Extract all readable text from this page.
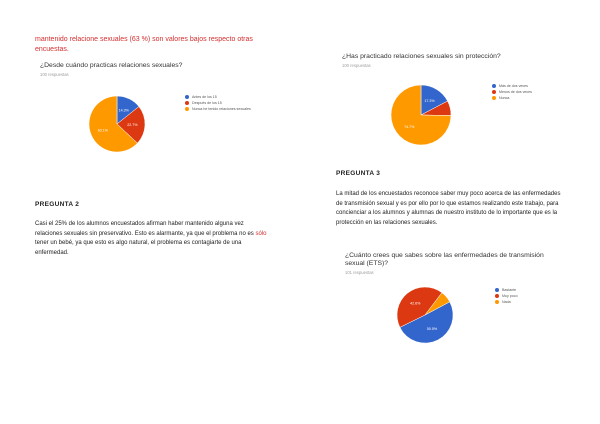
mantenido relacione sexuales (63 %) son valores bajos respecto otras encuestas.
¿Desde cuándo practicas relaciones sexuales?
100 respuestas
14.3%
22.7%
63.1%
Antes de los 15
Después de los 15
Nunca he tenido relaciones sexuales
PREGUNTA 2
Casi el 25% de los alumnos encuestados afirman haber mantenido alguna vez relaciones sexuales sin preservativo. Esto es alarmante, ya que el problema no es sólo tener un bebé, ya que esto es algo natural, el problema es contagiarte de una enfermedad.
¿Has practicado relaciones sexuales sin protección?
100 respuestas
17.3%
74.7%
Más de dos veces
Menos de dos veces
Nunca
PREGUNTA 3
La mitad de los encuestados reconoce saber muy poco acerca de las enfermedades de transmisión sexual y es por ello por lo que estamos realizando este trabajo, para concienciar a los alumnos y alumnas de nuestro instituto de lo importante que es la protección en las relaciones sexuales.
¿Cuánto crees que sabes sobre las enfermedades de transmisión sexual (ETS)?
101 respuestas
50.5%
42.6%
Bastante
Muy poco
Nada
